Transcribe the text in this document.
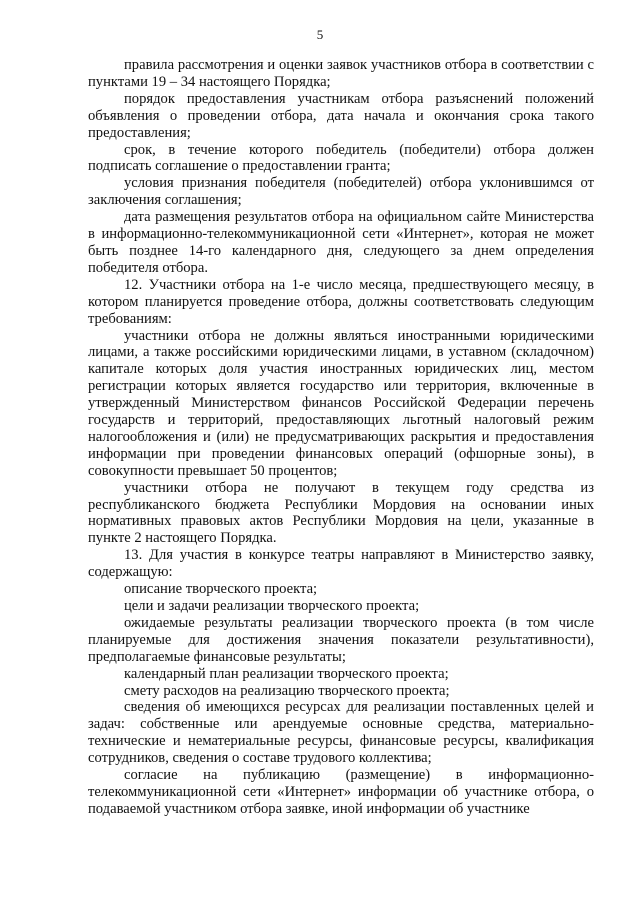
5

правила рассмотрения и оценки заявок участников отбора в соответствии с пунктами 19 – 34 настоящего Порядка;

порядок предоставления участникам отбора разъяснений положений объявления о проведении отбора, дата начала и окончания срока такого предоставления;

срок, в течение которого победитель (победители) отбора должен подписать соглашение о предоставлении гранта;

условия признания победителя (победителей) отбора уклонившимся от заключения соглашения;

дата размещения результатов отбора на официальном сайте Министерства в информационно-телекоммуникационной сети «Интернет», которая не может быть позднее 14-го календарного дня, следующего за днем определения победителя отбора.

12. Участники отбора на 1-е число месяца, предшествующего месяцу, в котором планируется проведение отбора, должны соответствовать следующим требованиям:

участники отбора не должны являться иностранными юридическими лицами, а также российскими юридическими лицами, в уставном (складочном) капитале которых доля участия иностранных юридических лиц, местом регистрации которых является государство или территория, включенные в утвержденный Министерством финансов Российской Федерации перечень государств и территорий, предоставляющих льготный налоговый режим налогообложения и (или) не предусматривающих раскрытия и предоставления информации при проведении финансовых операций (офшорные зоны), в совокупности превышает 50 процентов;

участники отбора не получают в текущем году средства из республиканского бюджета Республики Мордовия на основании иных нормативных правовых актов Республики Мордовия на цели, указанные в пункте 2 настоящего Порядка.

13. Для участия в конкурсе театры направляют в Министерство заявку, содержащую:

описание творческого проекта;

цели и задачи реализации творческого проекта;

ожидаемые результаты реализации творческого проекта (в том числе планируемые для достижения значения показатели результативности), предполагаемые финансовые результаты;

календарный план реализации творческого проекта;

смету расходов на реализацию творческого проекта;

сведения об имеющихся ресурсах для реализации поставленных целей и задач: собственные или арендуемые основные средства, материально-технические и нематериальные ресурсы, финансовые ресурсы, квалификация сотрудников, сведения о составе трудового коллектива;

согласие на публикацию (размещение) в информационно-телекоммуникационной сети «Интернет» информации об участнике отбора, о подаваемой участником отбора заявке, иной информации об участнике
